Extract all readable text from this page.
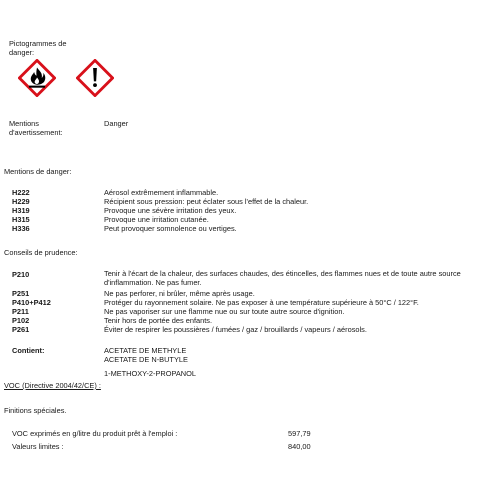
Pictogrammes de
danger:
Mentions
d'avertissement:
Danger
Mentions de danger:
H222	Aérosol extrêmement inflammable.
H229	Récipient sous pression: peut éclater sous l'effet de la chaleur.
H319	Provoque une sévère irritation des yeux.
H315	Provoque une irritation cutanée.
H336	Peut provoquer somnolence ou vertiges.
Conseils de prudence:
P210	Tenir à l'écart de la chaleur, des surfaces chaudes, des étincelles, des flammes nues et de toute autre source d'inflammation. Ne pas fumer.
P251	Ne pas perforer, ni brûler, même après usage.
P410+P412	Protéger du rayonnement solaire. Ne pas exposer à une température supérieure à 50°C / 122°F.
P211	Ne pas vaporiser sur une flamme nue ou sur toute autre source d'ignition.
P102	Tenir hors de portée des enfants.
P261	Éviter de respirer les poussières / fumées / gaz / brouillards / vapeurs / aérosols.
Contient:	ACETATE DE METHYLE
ACETATE DE N-BUTYLE
1-METHOXY-2-PROPANOL
VOC (Directive 2004/42/CE) :
Finitions spéciales.
VOC exprimés en g/litre du produit prêt à l'emploi :	597,79
Valeurs limites :	840,00
